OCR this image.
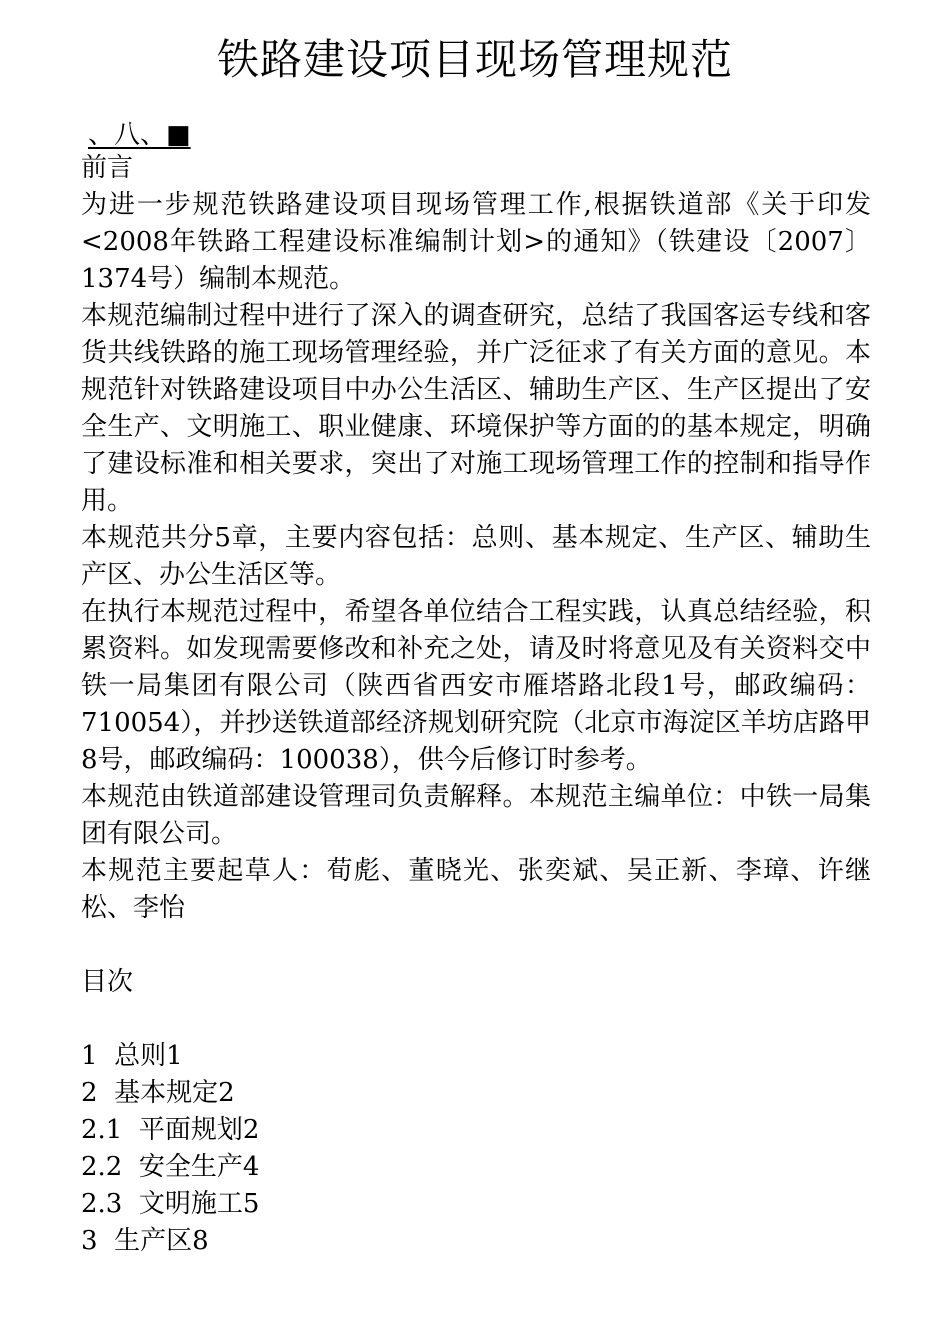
铁路建设项目现场管理规范
、八、■

前言

为进一步规范铁路建设项目现场管理工作,根据铁道部《关于印发<2008年铁路工程建设标准编制计划>的通知》（铁建设〔2007〕1374号）编制本规范。

本规范编制过程中进行了深入的调查研究，总结了我国客运专线和客货共线铁路的施工现场管理经验，并广泛征求了有关方面的意见。本规范针对铁路建设项目中办公生活区、辅助生产区、生产区提出了安全生产、文明施工、职业健康、环境保护等方面的的基本规定，明确了建设标准和相关要求，突出了对施工现场管理工作的控制和指导作用。

本规范共分5章，主要内容包括：总则、基本规定、生产区、辅助生产区、办公生活区等。

在执行本规范过程中，希望各单位结合工程实践，认真总结经验，积累资料。如发现需要修改和补充之处，请及时将意见及有关资料交中铁一局集团有限公司（陕西省西安市雁塔路北段1号，邮政编码：710054），并抄送铁道部经济规划研究院（北京市海淀区羊坊店路甲8号，邮政编码：100038），供今后修订时参考。

本规范由铁道部建设管理司负责解释。本规范主编单位：中铁一局集团有限公司。

本规范主要起草人：荀彪、董晓光、张奕斌、吴正新、李璋、许继松、李怡

目次

1  总则1
2  基本规定2
2.1  平面规划2
2.2  安全生产4
2.3  文明施工5
3  生产区8
